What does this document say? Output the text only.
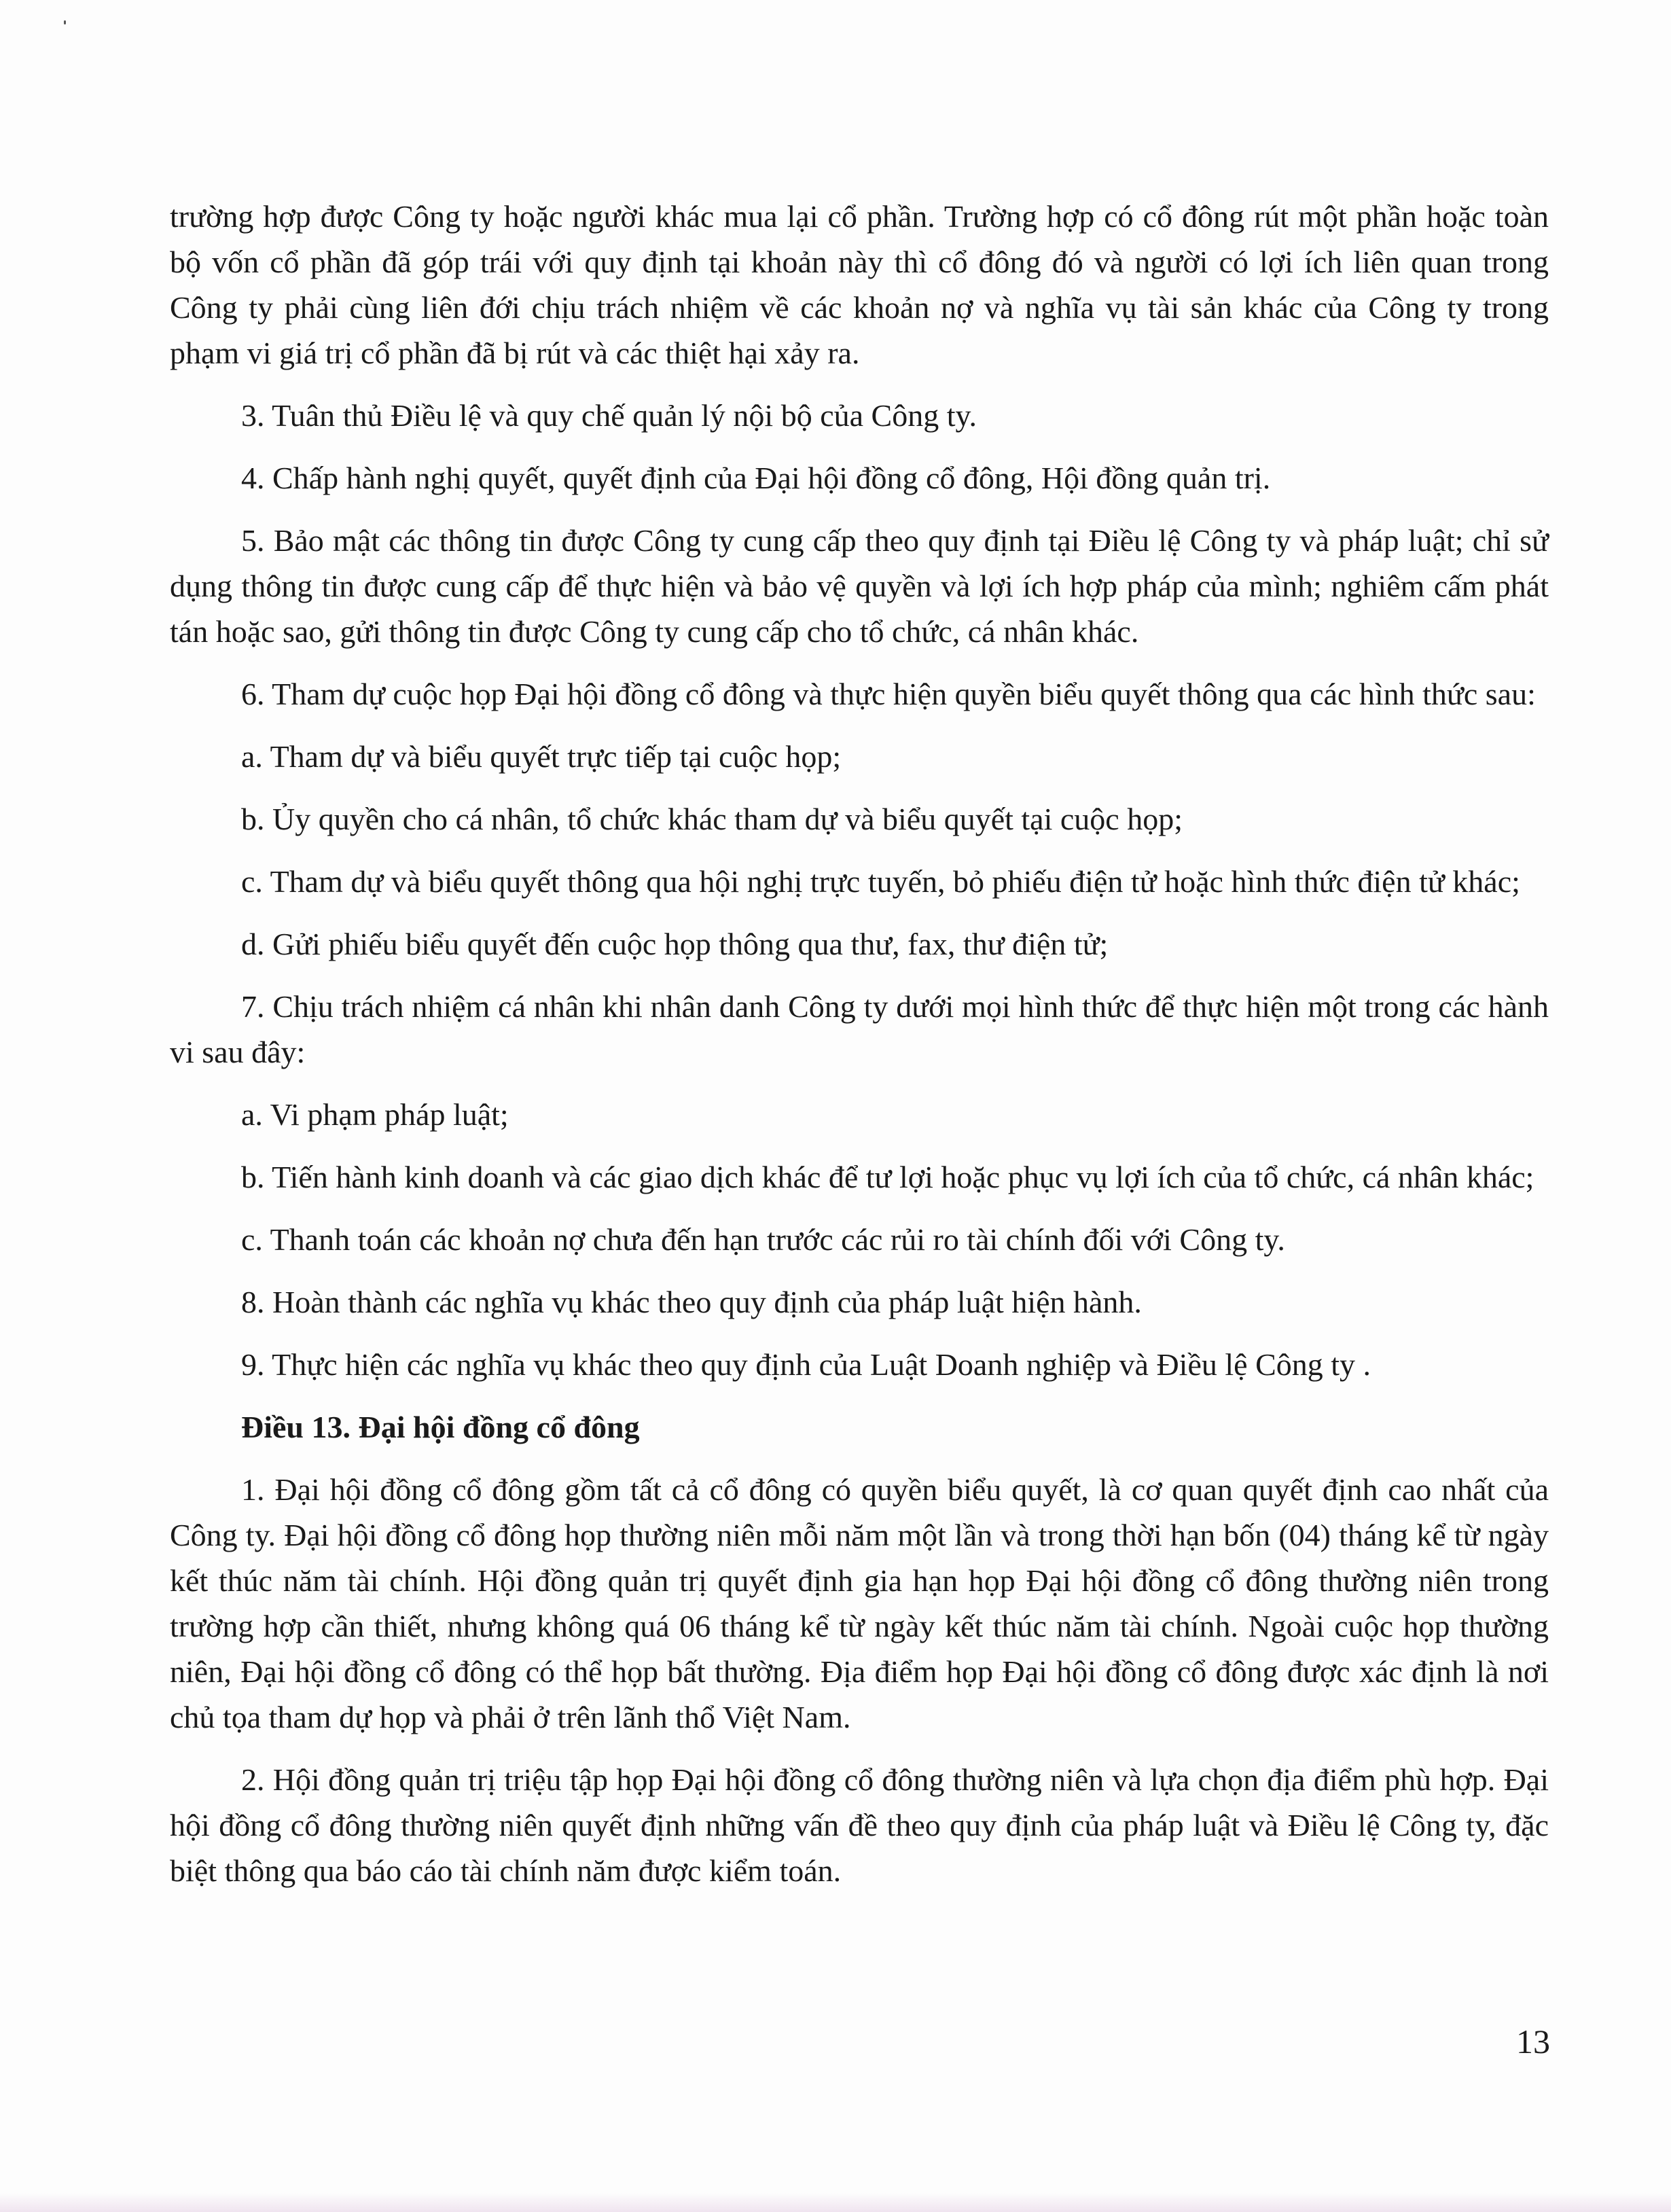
trường hợp được Công ty hoặc người khác mua lại cổ phần. Trường hợp có cổ đông rút một phần hoặc toàn bộ vốn cổ phần đã góp trái với quy định tại khoản này thì cổ đông đó và người có lợi ích liên quan trong Công ty phải cùng liên đới chịu trách nhiệm về các khoản nợ và nghĩa vụ tài sản khác của Công ty trong phạm vi giá trị cổ phần đã bị rút và các thiệt hại xảy ra.

3. Tuân thủ Điều lệ và quy chế quản lý nội bộ của Công ty.

4. Chấp hành nghị quyết, quyết định của Đại hội đồng cổ đông, Hội đồng quản trị.

5. Bảo mật các thông tin được Công ty cung cấp theo quy định tại Điều lệ Công ty và pháp luật; chỉ sử dụng thông tin được cung cấp để thực hiện và bảo vệ quyền và lợi ích hợp pháp của mình; nghiêm cấm phát tán hoặc sao, gửi thông tin được Công ty cung cấp cho tổ chức, cá nhân khác.

6. Tham dự cuộc họp Đại hội đồng cổ đông và thực hiện quyền biểu quyết thông qua các hình thức sau:

a. Tham dự và biểu quyết trực tiếp tại cuộc họp;

b. Ủy quyền cho cá nhân, tổ chức khác tham dự và biểu quyết tại cuộc họp;

c. Tham dự và biểu quyết thông qua hội nghị trực tuyến, bỏ phiếu điện tử hoặc hình thức điện tử khác;

d. Gửi phiếu biểu quyết đến cuộc họp thông qua thư, fax, thư điện tử;

7. Chịu trách nhiệm cá nhân khi nhân danh Công ty dưới mọi hình thức để thực hiện một trong các hành vi sau đây:

a. Vi phạm pháp luật;

b. Tiến hành kinh doanh và các giao dịch khác để tư lợi hoặc phục vụ lợi ích của tổ chức, cá nhân khác;

c. Thanh toán các khoản nợ chưa đến hạn trước các rủi ro tài chính đối với Công ty.

8. Hoàn thành các nghĩa vụ khác theo quy định của pháp luật hiện hành.

9. Thực hiện các nghĩa vụ khác theo quy định của Luật Doanh nghiệp và Điều lệ Công ty .

Điều 13. Đại hội đồng cổ đông

1. Đại hội đồng cổ đông gồm tất cả cổ đông có quyền biểu quyết, là cơ quan quyết định cao nhất của Công ty. Đại hội đồng cổ đông họp thường niên mỗi năm một lần và trong thời hạn bốn (04) tháng kể từ ngày kết thúc năm tài chính. Hội đồng quản trị quyết định gia hạn họp Đại hội đồng cổ đông thường niên trong trường hợp cần thiết, nhưng không quá 06 tháng kể từ ngày kết thúc năm tài chính. Ngoài cuộc họp thường niên, Đại hội đồng cổ đông có thể họp bất thường. Địa điểm họp Đại hội đồng cổ đông được xác định là nơi chủ tọa tham dự họp và phải ở trên lãnh thổ Việt Nam.

2. Hội đồng quản trị triệu tập họp Đại hội đồng cổ đông thường niên và lựa chọn địa điểm phù hợp. Đại hội đồng cổ đông thường niên quyết định những vấn đề theo quy định của pháp luật và Điều lệ Công ty, đặc biệt thông qua báo cáo tài chính năm được kiểm toán.

13
